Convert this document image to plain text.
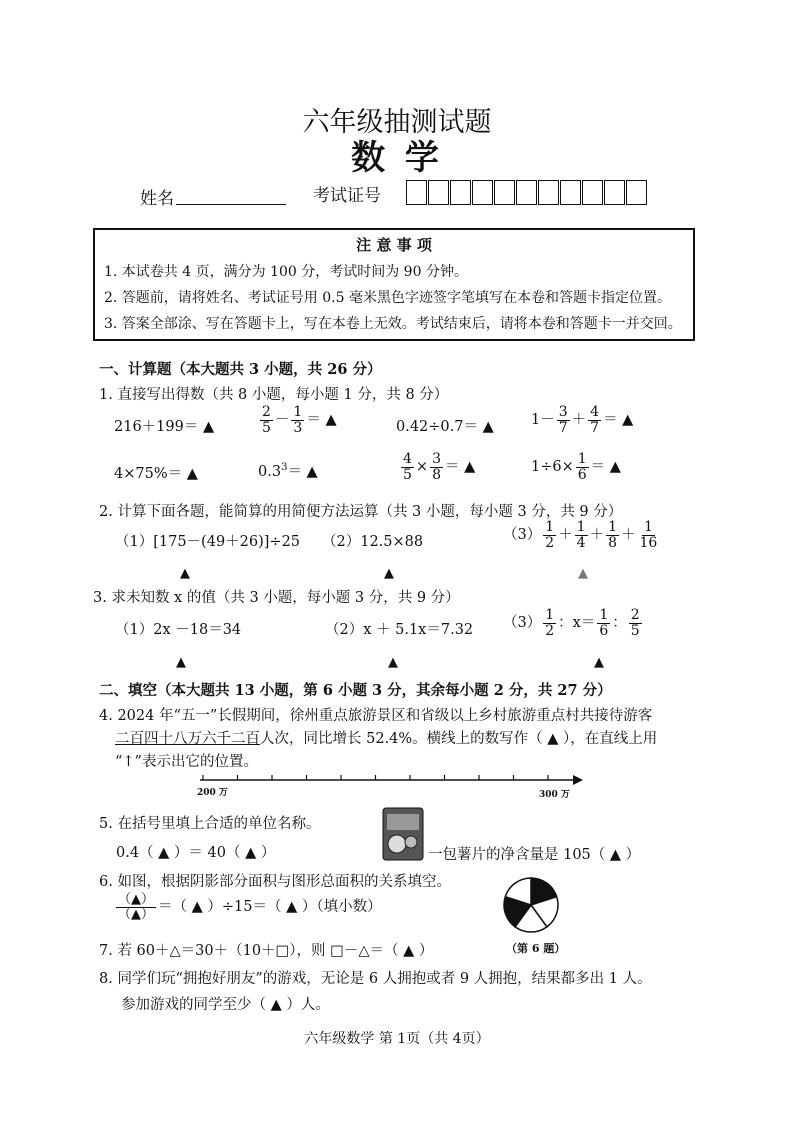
六年级抽测试题
数 学
姓名	考试证号
注 意 事 项
1. 本试卷共 4 页，满分为 100 分，考试时间为 90 分钟。
2. 答题前，请将姓名、考试证号用 0.5 毫米黑色字迹签字笔填写在本卷和答题卡指定位置。
3. 答案全部涂、写在答题卡上，写在本卷上无效。考试结束后，请将本卷和答题卡一并交回。
一、计算题（本大题共 3 小题，共 26 分）
1. 直接写出得数（共 8 小题，每小题 1 分，共 8 分）
216＋199＝ ▲	$\frac{2}{5} - \frac{1}{3}$ ＝ ▲	0.42÷0.7＝ ▲	$1- \frac{3}{7} + \frac{4}{7}$ ＝ ▲
4×75%＝ ▲	$0.3^3=$ ▲	$\frac{4}{5} \times \frac{3}{8}$ ＝ ▲	$1\div 6\times \frac{1}{6}$ ＝ ▲
2. 计算下面各题，能简算的用简便方法运算（共 3 小题，每小题 3 分，共 9 分）
（1）[175－(49＋26)]÷25 （2）12.5×88	$(3) \frac{1}{2} + \frac{1}{4} + \frac{1}{8} + \frac{1}{16}$
▲	▲	▲
3. 求未知数 x 的值（共 3 小题，每小题 3 分，共 9 分）
（1）2x －18＝34	（2）x ＋ 5.1x＝7.32 $(3) \frac{1}{2}$ ：$x= \frac{1}{6}$ ： $\frac{2}{5}$
▲	▲	▲
二、填空（本大题共 13 小题，第 6 小题 3 分，其余每小题 2 分，共 27 分）
4. 2024 年“五一”长假期间，徐州重点旅游景区和省级以上乡村旅游重点村共接待游客
二百四十八万六千二百人次，同比增长 52.4%。横线上的数写作（ ▲ ），在直线上用
“↑”表示出它的位置。
200 万	300 万
5. 在括号里填上合适的单位名称。
0.4（ ▲ ）＝ 40（ ▲ ）	一包薯片的净含量是 105（ ▲ ）
6. 如图，根据阴影部分面积与图形总面积的关系填空。
$\frac{(▲)}{(▲)}$ ＝（ ▲ ）÷15＝（ ▲ ）（填小数）
（第 6 题）
7. 若 60＋△＝30＋（10＋□），则 □－△＝（ ▲ ）
8. 同学们玩“拥抱好朋友”的游戏，无论是 6 人拥抱或者 9 人拥抱，结果都多出 1 人。
参加游戏的同学至少（ ▲ ）人。
六年级数学 第 1页（共 4页）
